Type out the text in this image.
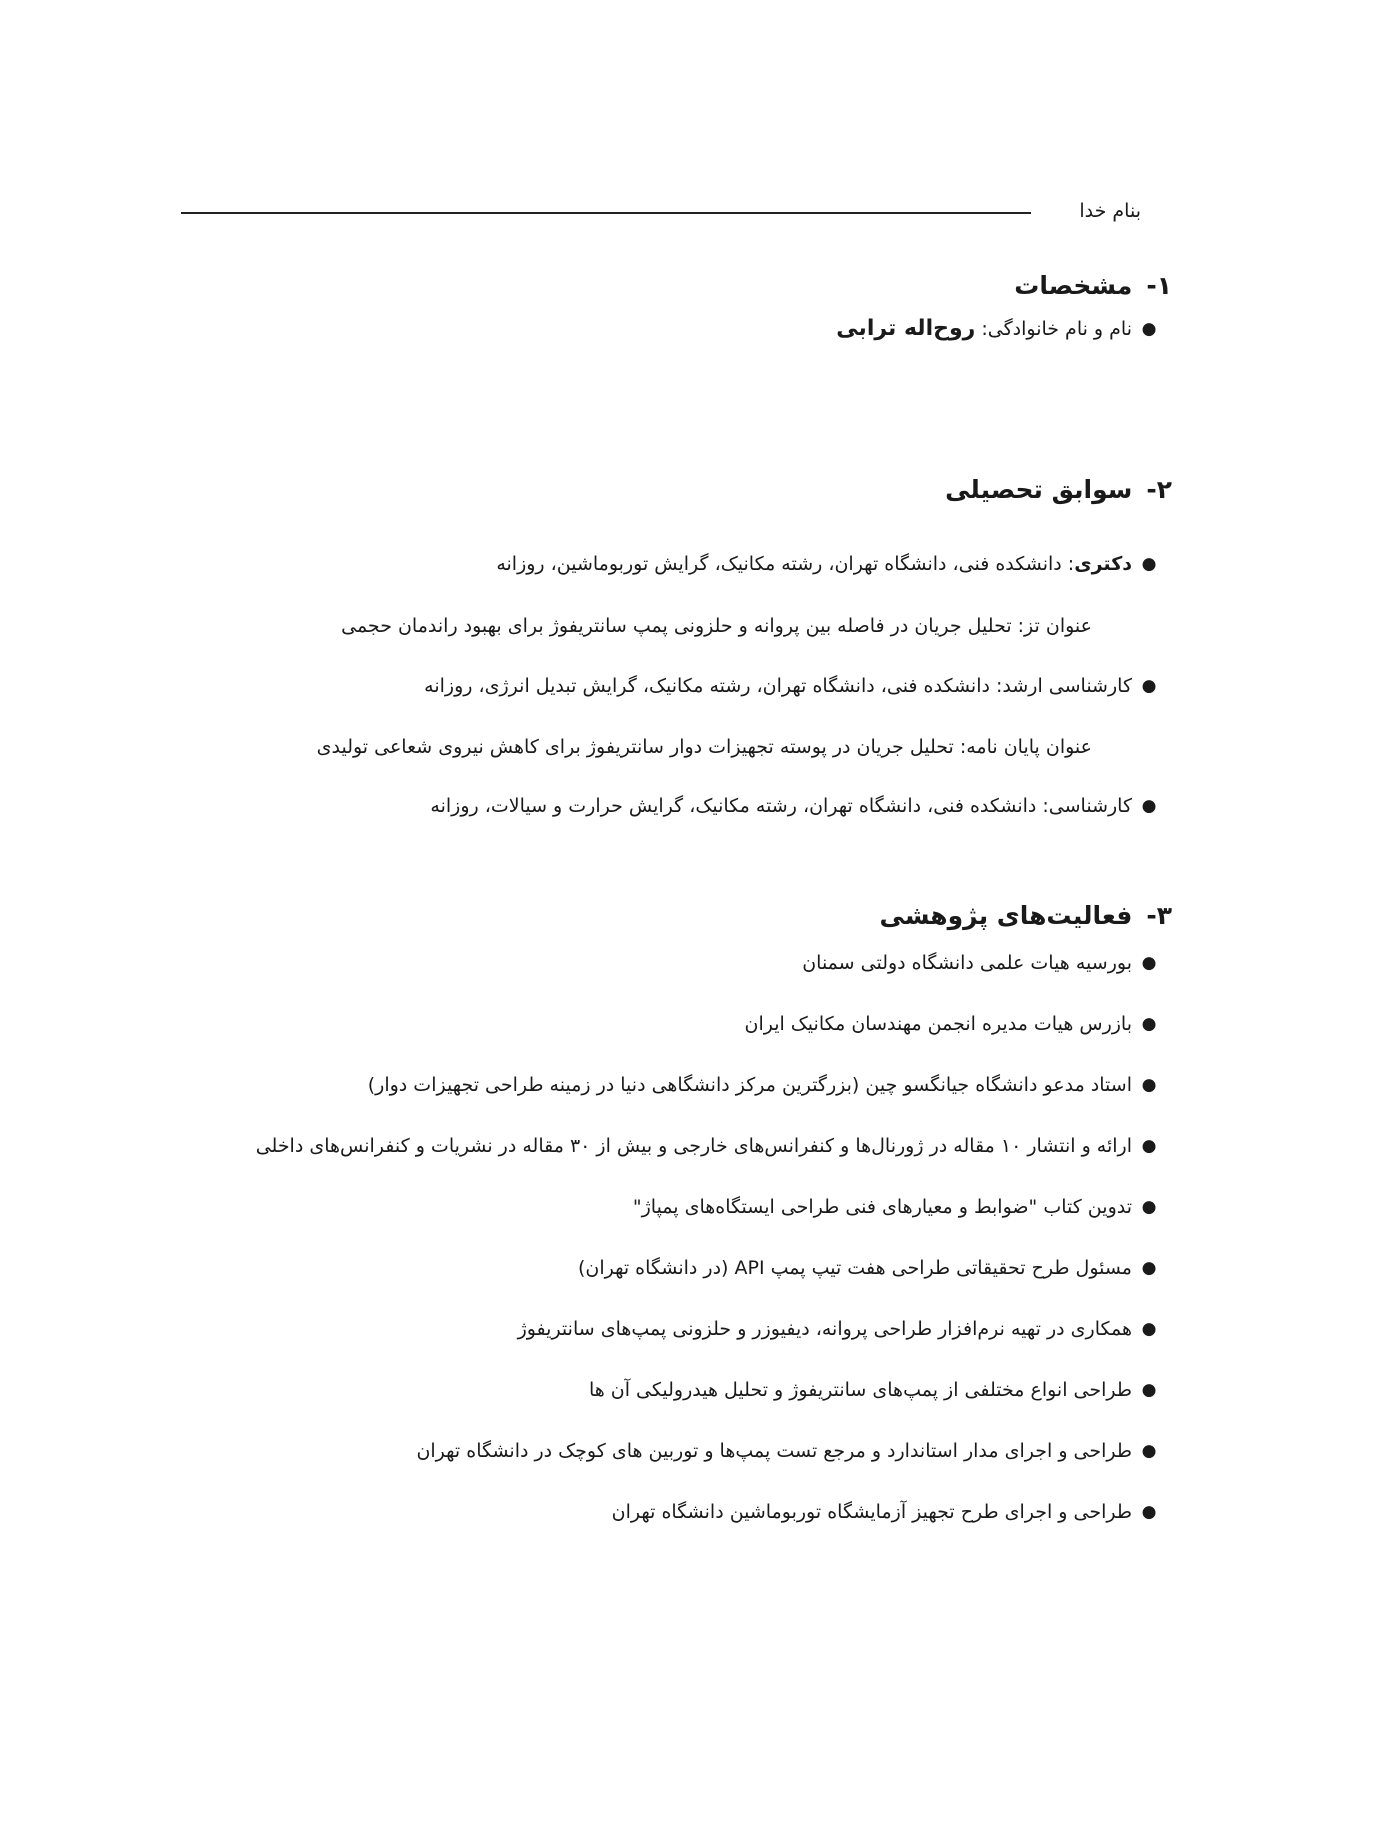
بنام خدا
۱-مشخصات
●
نام و نام خانوادگی: روح‌اله ترابی
۲-سوابق تحصیلی
●
دکتری: دانشکده فنی، دانشگاه تهران، رشته مکانیک، گرایش توربوماشین، روزانه
عنوان تز: تحلیل جریان در فاصله بین پروانه و حلزونی پمپ سانتریفوژ برای بهبود راندمان حجمی
●
کارشناسی ارشد: دانشکده فنی، دانشگاه تهران، رشته مکانیک، گرایش تبدیل انرژی، روزانه
عنوان پایان نامه: تحلیل جریان در پوسته تجهیزات دوار سانتریفوژ برای کاهش نیروی شعاعی تولیدی
●
کارشناسی: دانشکده فنی، دانشگاه تهران، رشته مکانیک، گرایش حرارت و سیالات، روزانه
۳-فعالیت‌های پژوهشی
●
بورسیه هیات علمی دانشگاه دولتی سمنان
●
بازرس هیات مدیره انجمن مهندسان مکانیک ایران
●
استاد مدعو دانشگاه جیانگسو چین (بزرگترین مرکز دانشگاهی دنیا در زمینه طراحی تجهیزات دوار)
●
ارائه و انتشار ۱۰ مقاله در ژورنال‌ها و کنفرانس‌های خارجی و بیش از ۳۰ مقاله در نشریات و کنفرانس‌های داخلی
●
تدوین کتاب "ضوابط و معیارهای فنی طراحی ایستگاه‌های پمپاژ"
●
مسئول طرح تحقیقاتی طراحی هفت تیپ پمپ API (در دانشگاه تهران)
●
همکاری در تهیه نرم‌افزار طراحی پروانه، دیفیوزر و حلزونی پمپ‌های سانتریفوژ
●
طراحی انواع مختلفی از پمپ‌های سانتریفوژ و تحلیل هیدرولیکی آن ها
●
طراحی و اجرای مدار استاندارد و مرجع تست پمپ‌ها و توربین های کوچک در دانشگاه تهران
●
طراحی و اجرای طرح تجهیز آزمایشگاه توربوماشین دانشگاه تهران
